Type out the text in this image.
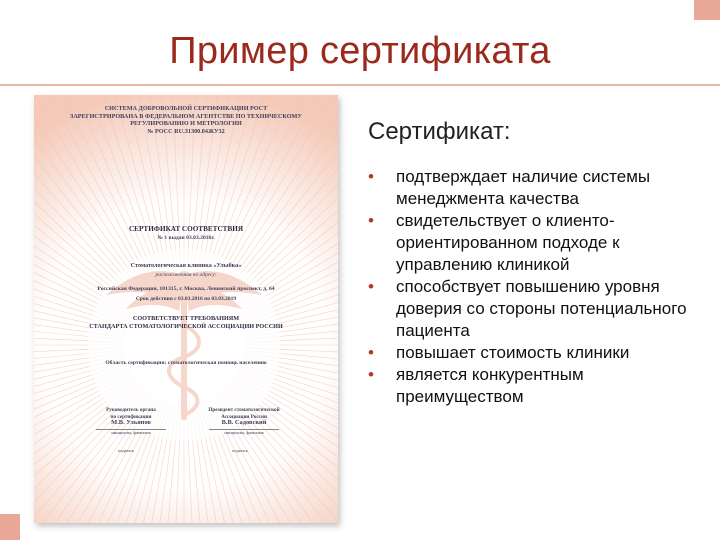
Пример сертификата
СИСТЕМА ДОБРОВОЛЬНОЙ СЕРТИФИКАЦИИ РОСТ
ЗАРЕГИСТРИРОВАНА В ФЕДЕРАЛЬНОМ АГЕНТСТВЕ ПО ТЕХНИЧЕСКОМУ
РЕГУЛИРОВАНИЮ И МЕТРОЛОГИИ
№ РОСС RU.З1300.04ЖУ32
СЕРТИФИКАТ СООТВЕТСТВИЯ
№ 1 выдан 03.03.2016г.
Стоматологическая клиника «Улыбка»
расположенная по адресу:
Российская Федерация, 101315, г. Москва, Ленинский проспект, д. 64
Срок действия с 03.03.2016 по 03.03.2019
СООТВЕТСТВУЕТ ТРЕБОВАНИЯМ
СТАНДАРТА СТОМАТОЛОГИЧЕСКОЙ АССОЦИАЦИИ РОССИИ
Область сертификации: стоматологическая помощь населению
Руководитель органа
по сертификации
М.В. Ульянов
инициалы, фамилия
Президент стоматологической
Ассоциации России
В.В. Садовский
инициалы, фамилия
подпись	подпись
Сертификат:
• подтверждает наличие системы менеджмента качества
• свидетельствует о клиенто-ориентированном подходе к управлению клиникой
• способствует повышению уровня доверия со стороны потенциального пациента
• повышает стоимость клиники
• является конкурентным преимуществом
